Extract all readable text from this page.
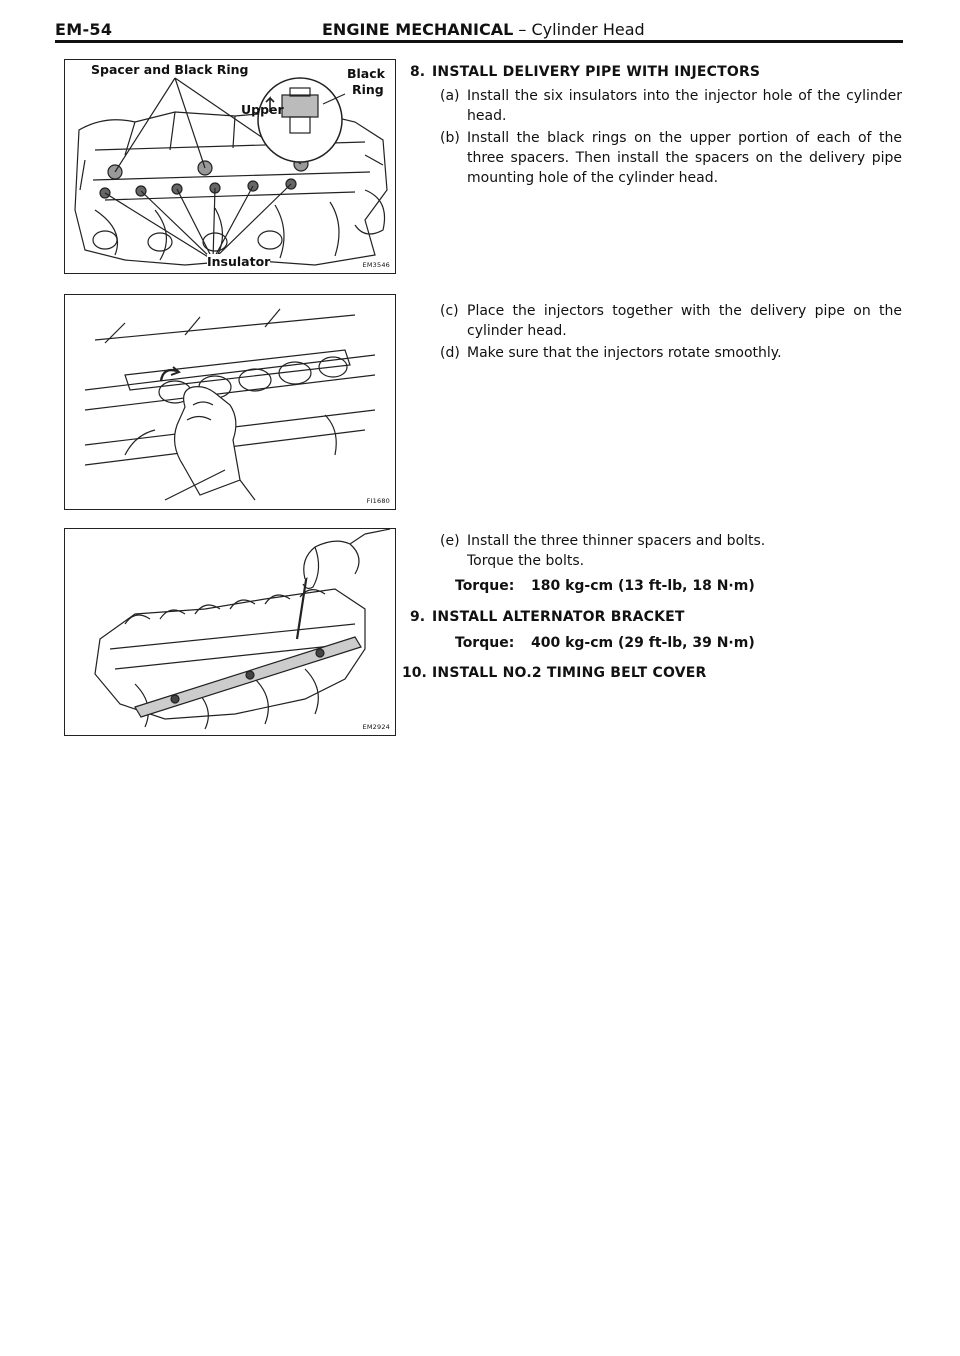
EM-54	ENGINE MECHANICAL – Cylinder Head
Spacer and Black Ring	Black
Ring
Upper
Insulator	EM3546
FI1680
EM2924
8. INSTALL DELIVERY PIPE WITH INJECTORS
(a) Install the six insulators into the injector hole of the cylinder head.
(b) Install the black rings on the upper portion of each of the three spacers. Then install the spacers on the delivery pipe mounting hole of the cylinder head.
(c) Place the injectors together with the delivery pipe on the cylinder head.
(d) Make sure that the injectors rotate smoothly.
(e) Install the three thinner spacers and bolts. Torque the bolts.
Torque: 180 kg-cm (13 ft-lb, 18 N·m)
9. INSTALL ALTERNATOR BRACKET
Torque: 400 kg-cm (29 ft-lb, 39 N·m)
10. INSTALL NO.2 TIMING BELT COVER
